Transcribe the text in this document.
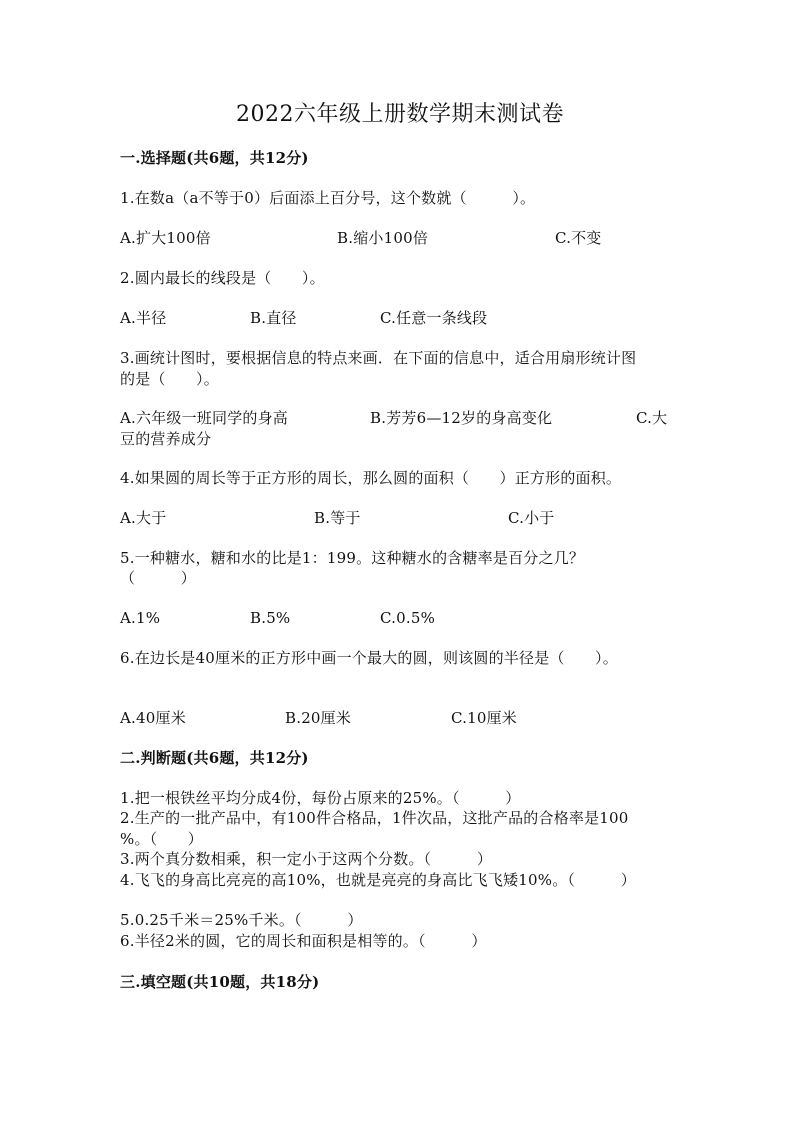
2022六年级上册数学期末测试卷
一.选择题(共6题，共12分)
1.在数a（a不等于0）后面添上百分号，这个数就（　　　）。
A.扩大100倍	B.缩小100倍	C.不变
2.圆内最长的线段是（　　）。
A.半径	B.直径	C.任意一条线段
3.画统计图时，要根据信息的特点来画．在下面的信息中，适合用扇形统计图
的是（　　）。
A.六年级一班同学的身高	B.芳芳6—12岁的身高变化	C.大
豆的营养成分
4.如果圆的周长等于正方形的周长，那么圆的面积（　　）正方形的面积。
A.大于	B.等于	C.小于
5.一种糖水，糖和水的比是1：199。这种糖水的含糖率是百分之几？
（　　　）
A.1%	B.5%	C.0.5%
6.在边长是40厘米的正方形中画一个最大的圆，则该圆的半径是（　　）。
A.40厘米	B.20厘米	C.10厘米
二.判断题(共6题，共12分)
1.把一根铁丝平均分成4份，每份占原来的25%。（　　　）
2.生产的一批产品中，有100件合格品，1件次品，这批产品的合格率是100
%。（　　）
3.两个真分数相乘，积一定小于这两个分数。（　　　）
4.飞飞的身高比亮亮的高10%，也就是亮亮的身高比飞飞矮10%。（　　　）
5.0.25千米＝25%千米。（　　　）
6.半径2米的圆，它的周长和面积是相等的。（　　　）
三.填空题(共10题，共18分)
